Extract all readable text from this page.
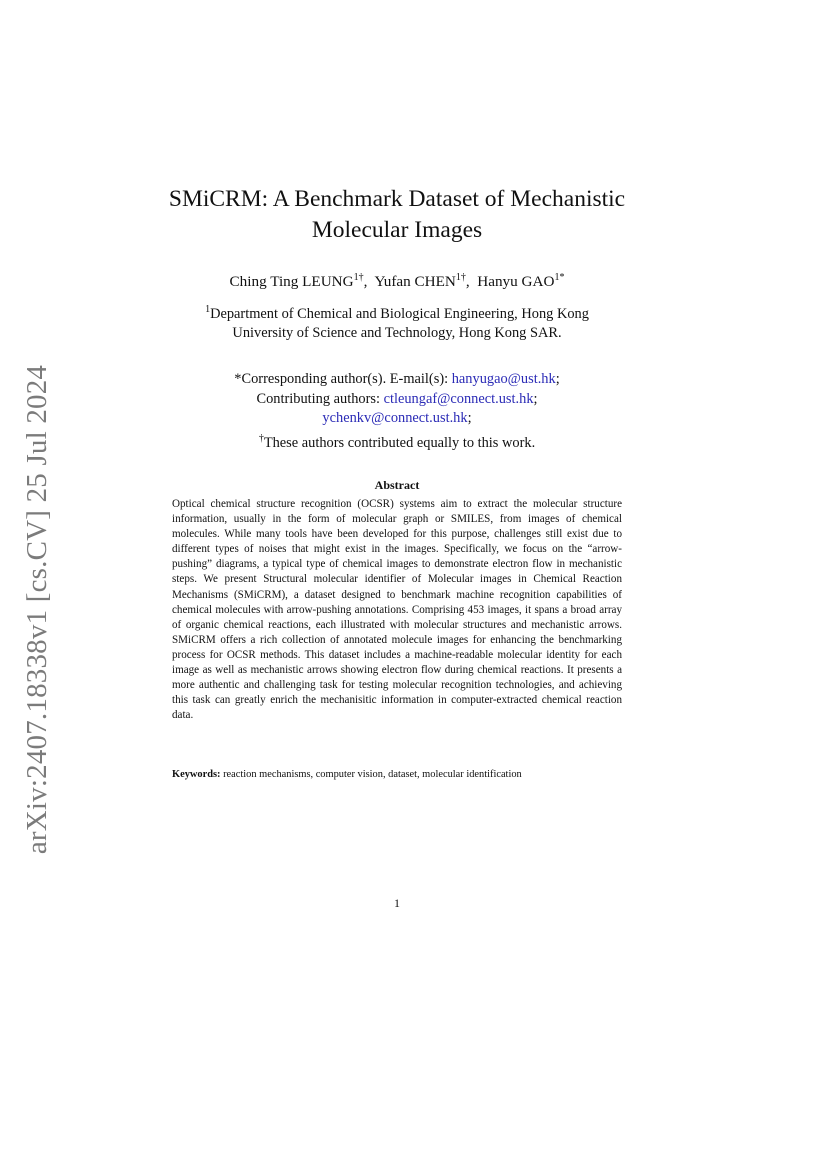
arXiv:2407.18338v1 [cs.CV] 25 Jul 2024
SMiCRM: A Benchmark Dataset of Mechanistic
Molecular Images
Ching Ting $LEUNG^{1\dagger}$,  Yufan $CHEN^{1\dagger}$,  Hanyu $GAO^{1*}$
$^1$Department of Chemical and Biological Engineering, Hong Kong
University of Science and Technology, Hong Kong SAR.
*Corresponding author(s). E-mail(s): hanyugao@ust.hk;
Contributing authors: ctleungaf@connect.ust.hk;
ychenkv@connect.ust.hk;
†These authors contributed equally to this work.
Abstract
Optical chemical structure recognition (OCSR) systems aim to extract the molecular structure information, usually in the form of molecular graph or SMILES, from images of chemical molecules. While many tools have been developed for this purpose, challenges still exist due to different types of noises that might exist in the images. Specifically, we focus on the “arrow-pushing” diagrams, a typical type of chemical images to demonstrate electron flow in mechanistic steps. We present Structural molecular identifier of Molecular images in Chemical Reaction Mechanisms (SMiCRM), a dataset designed to benchmark machine recognition capabilities of chemical molecules with arrow-pushing annotations. Comprising 453 images, it spans a broad array of organic chemical reactions, each illustrated with molecular structures and mechanistic arrows. SMiCRM offers a rich collection of annotated molecule images for enhancing the benchmarking process for OCSR methods. This dataset includes a machine-readable molecular identity for each image as well as mechanistic arrows showing electron flow during chemical reactions. It presents a more authentic and challenging task for testing molecular recognition technologies, and achieving this task can greatly enrich the mechanisitic information in computer-extracted chemical reaction data.
Keywords: reaction mechanisms, computer vision, dataset, molecular identification
1
